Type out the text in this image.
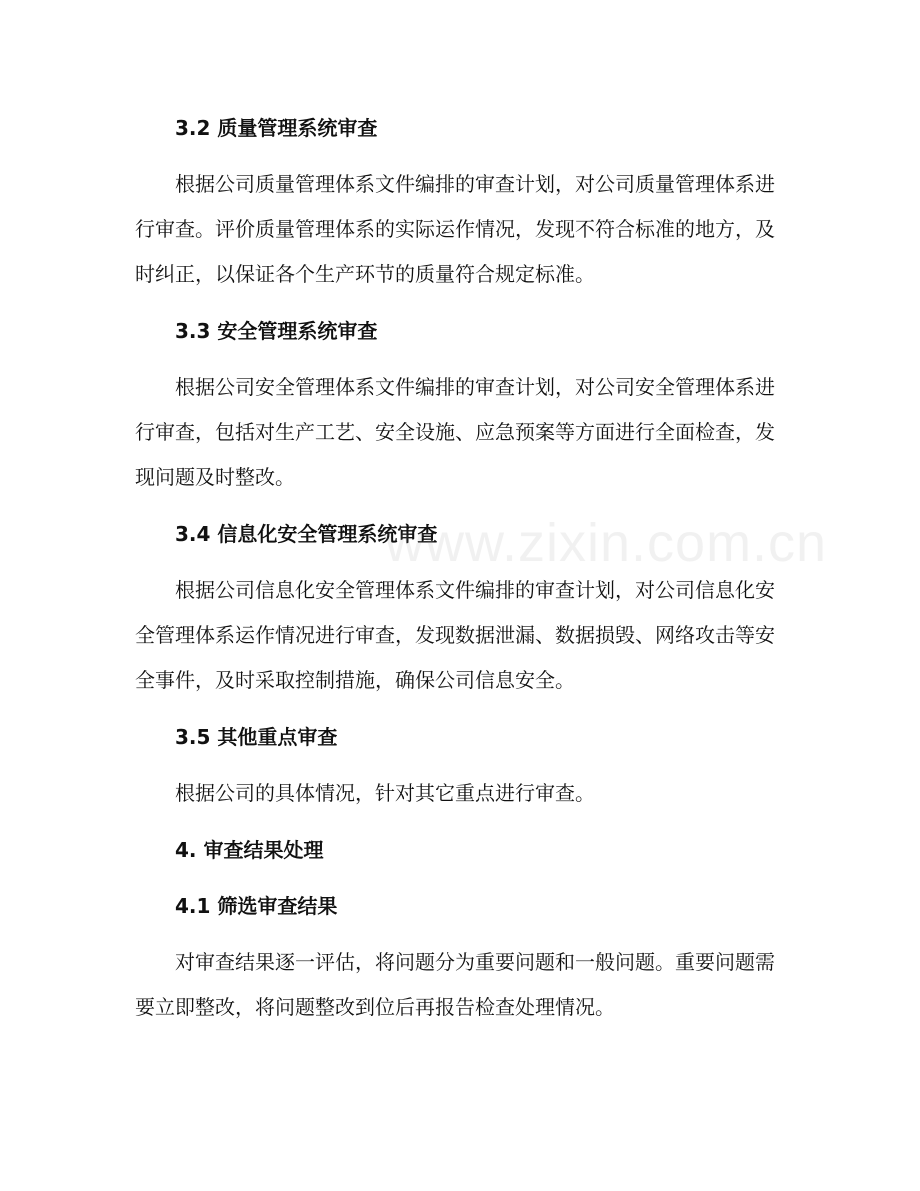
3.2 质量管理系统审查
根据公司质量管理体系文件编排的审查计划，对公司质量管理体系进行审查。评价质量管理体系的实际运作情况，发现不符合标准的地方，及时纠正，以保证各个生产环节的质量符合规定标准。
3.3 安全管理系统审查
根据公司安全管理体系文件编排的审查计划，对公司安全管理体系进行审查，包括对生产工艺、安全设施、应急预案等方面进行全面检查，发现问题及时整改。
3.4 信息化安全管理系统审查
根据公司信息化安全管理体系文件编排的审查计划，对公司信息化安全管理体系运作情况进行审查，发现数据泄漏、数据损毁、网络攻击等安全事件，及时采取控制措施，确保公司信息安全。
3.5 其他重点审查
根据公司的具体情况，针对其它重点进行审查。
4. 审查结果处理
4.1 筛选审查结果
对审查结果逐一评估，将问题分为重要问题和一般问题。重要问题需要立即整改，将问题整改到位后再报告检查处理情况。
www.zixin.com.cn
